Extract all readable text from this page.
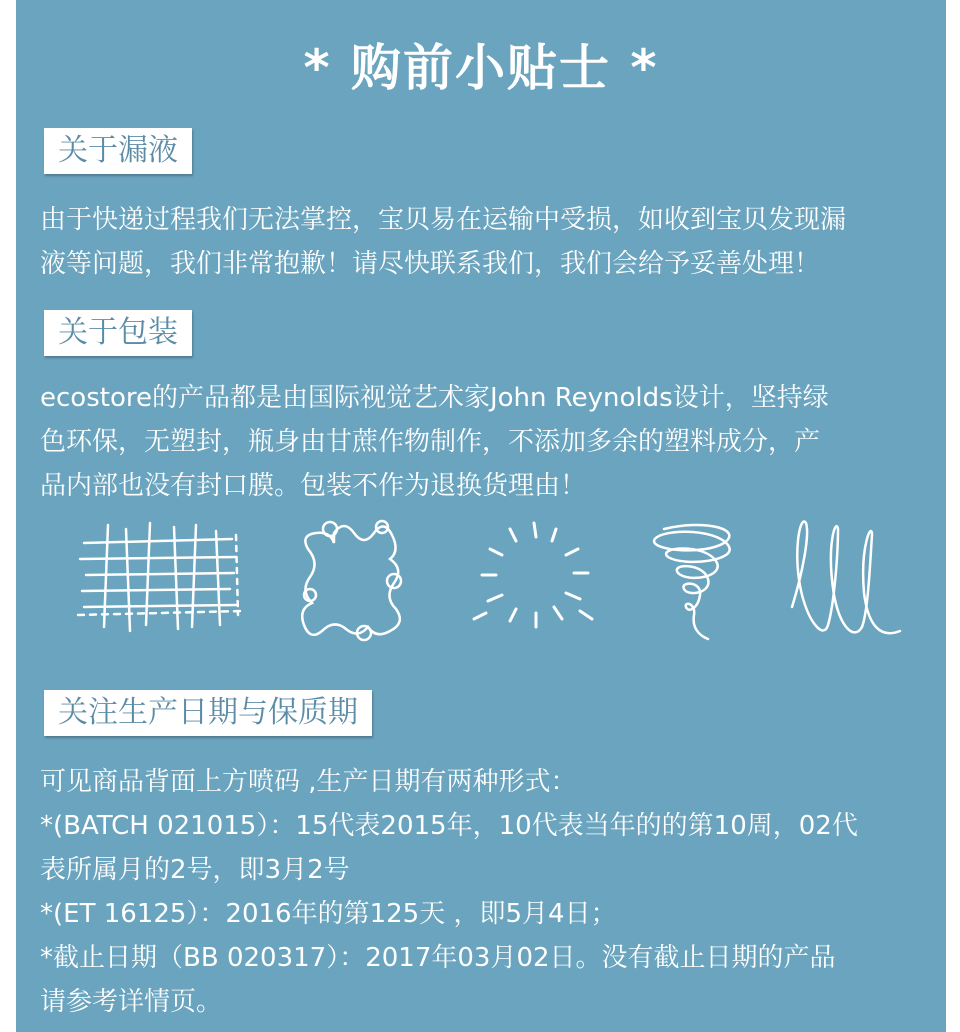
* 购前小贴士 *
关于漏液
由于快递过程我们无法掌控，宝贝易在运输中受损，如收到宝贝发现漏
液等问题，我们非常抱歉！请尽快联系我们，我们会给予妥善处理！
关于包装
ecostore的产品都是由国际视觉艺术家John Reynolds设计，坚持绿
色环保，无塑封，瓶身由甘蔗作物制作，不添加多余的塑料成分，产
品内部也没有封口膜。包装不作为退换货理由！
关注生产日期与保质期
可见商品背面上方喷码 ,生产日期有两种形式：
*(BATCH 021015）：15代表2015年，10代表当年的的第10周，02代
表所属月的2号，即3月2号
*(ET 16125）：2016年的第125天 ，即5月4日；
*截止日期（BB 020317）：2017年03月02日。没有截止日期的产品
请参考详情页。
